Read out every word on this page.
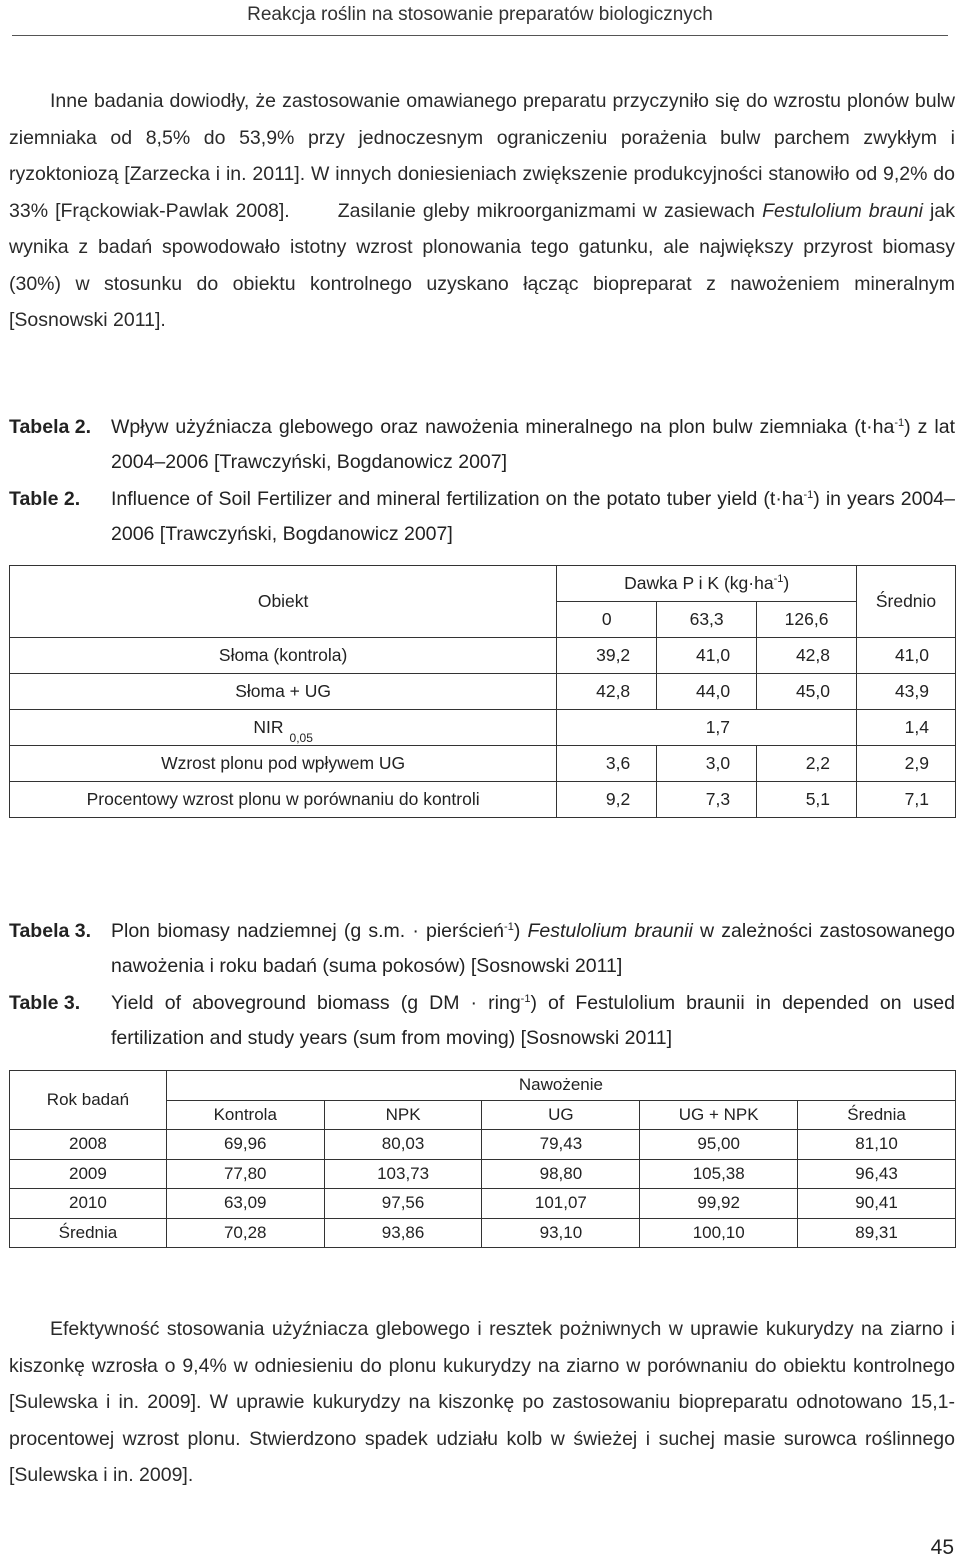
Reakcja roślin na stosowanie preparatów biologicznych
Inne badania dowiodły, że zastosowanie omawianego preparatu przyczyniło się do wzrostu plonów bulw ziemniaka od 8,5% do 53,9% przy jednoczesnym ograniczeniu porażenia bulw parchem zwykłym i ryzoktoniozą [Zarzecka i in. 2011]. W innych doniesieniach zwiększenie produkcyjności stanowiło od 9,2% do 33% [Frąckowiak-Pawlak 2008]. Zasilanie gleby mikroorganizmami w zasiewach Festulolium brauni jak wynika z badań spowodowało istotny wzrost plonowania tego gatunku, ale największy przyrost biomasy (30%) w stosunku do obiektu kontrolnego uzyskano łącząc biopreparat z nawożeniem mineralnym [Sosnowski 2011].
Tabela 2. Wpływ użyźniacza glebowego oraz nawożenia mineralnego na plon bulw ziemniaka $(t\cdot ha^{-1})$ z lat 2004–2006 [Trawczyński, Bogdanowicz 2007]
Table 2. Influence of Soil Fertilizer and mineral fertilization on the potato tuber yield $(t\cdot ha^{-1})$ in years 2004–2006 [Trawczyński, Bogdanowicz 2007]
Obiekt	Dawka P i K $(kg\cdot ha^{-1})$			Średnio
	0	63,3	126,6	
Słoma (kontrola)	39,2	41,0	42,8	41,0
Słoma + UG	42,8	44,0	45,0	43,9
$NIR_{0,05}$	1,7			1,4
Wzrost plonu pod wpływem UG	3,6	3,0	2,2	2,9
Procentowy wzrost plonu w porównaniu do kontroli	9,2	7,3	5,1	7,1
Tabela 3. Plon biomasy nadziemnej (g s.m. · pierścień$^{-1}$) Festulolium braunii w zależności zastosowanego nawożenia i roku badań (suma pokosów) [Sosnowski 2011]
Table 3. Yield of aboveground biomass (g DM · ring$^{-1}$) of Festulolium braunii in depended on used fertilization and study years (sum from moving) [Sosnowski 2011]
Rok badań	Nawożenie				
	Kontrola	NPK	UG	UG + NPK	Średnia
2008	69,96	80,03	79,43	95,00	81,10
2009	77,80	103,73	98,80	105,38	96,43
2010	63,09	97,56	101,07	99,92	90,41
Średnia	70,28	93,86	93,10	100,10	89,31
Efektywność stosowania użyźniacza glebowego i resztek pożniwnych w uprawie kukurydzy na ziarno i kiszonkę wzrosła o 9,4% w odniesieniu do plonu kukurydzy na ziarno w porównaniu do obiektu kontrolnego [Sulewska i in. 2009]. W uprawie kukurydzy na kiszonkę po zastosowaniu biopreparatu odnotowano 15,1-procentowej wzrost plonu. Stwierdzono spadek udziału kolb w świeżej i suchej masie surowca roślinnego [Sulewska i in. 2009].
45
